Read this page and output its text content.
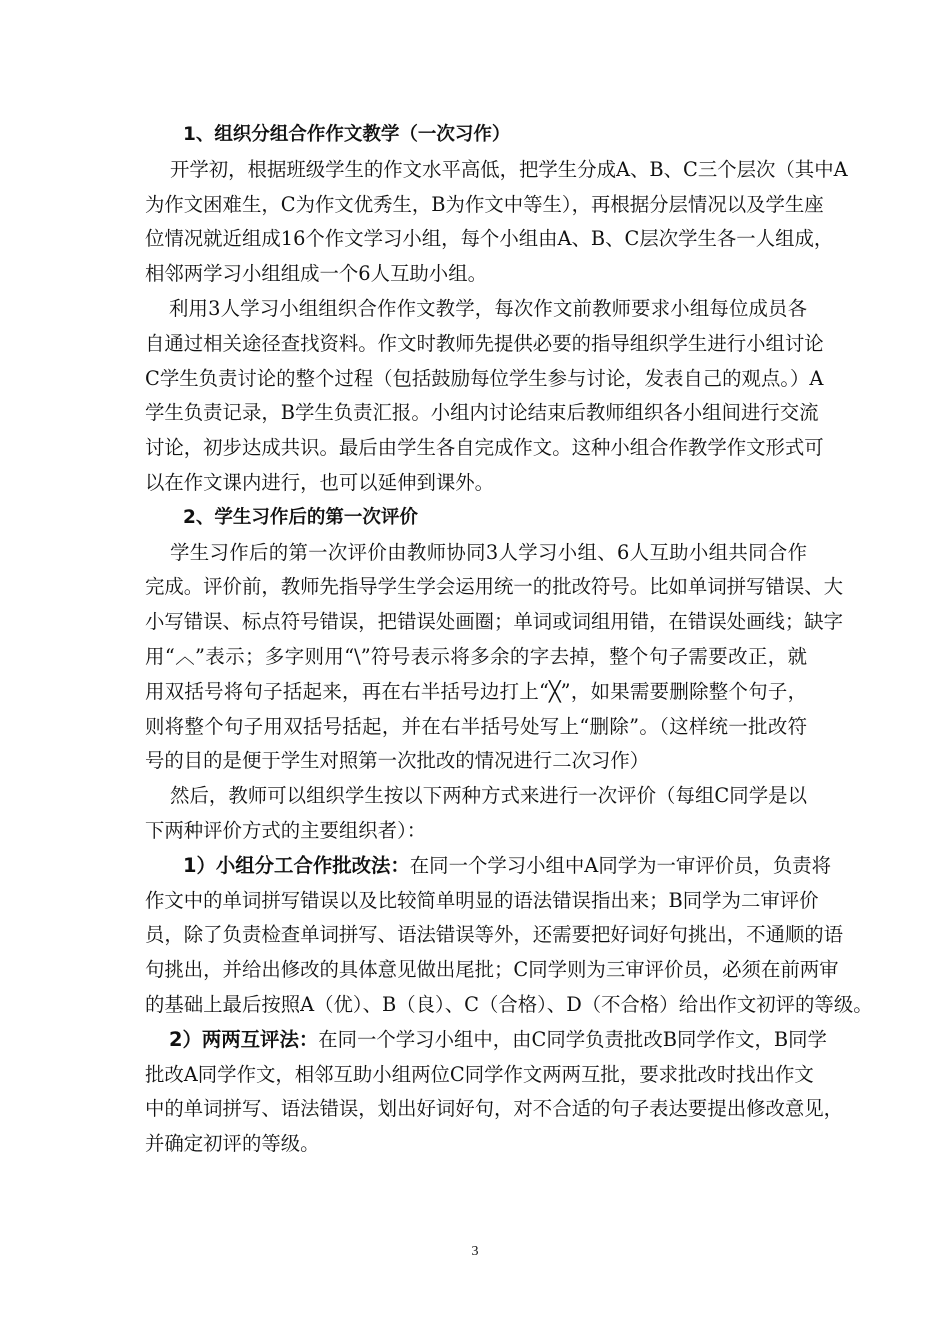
1、组织分组合作作文教学（一次习作）
开学初，根据班级学生的作文水平高低，把学生分成A、B、C三个层次（其中A
为作文困难生，C为作文优秀生，B为作文中等生），再根据分层情况以及学生座
位情况就近组成16个作文学习小组，每个小组由A、B、C层次学生各一人组成，
相邻两学习小组组成一个6人互助小组。
利用3人学习小组组织合作作文教学，每次作文前教师要求小组每位成员各
自通过相关途径查找资料。作文时教师先提供必要的指导组织学生进行小组讨论
C学生负责讨论的整个过程（包括鼓励每位学生参与讨论，发表自己的观点。）A
学生负责记录，B学生负责汇报。小组内讨论结束后教师组织各小组间进行交流
讨论，初步达成共识。最后由学生各自完成作文。这种小组合作教学作文形式可
以在作文课内进行，也可以延伸到课外。
2、学生习作后的第一次评价
学生习作后的第一次评价由教师协同3人学习小组、6人互助小组共同合作
完成。评价前，教师先指导学生学会运用统一的批改符号。比如单词拼写错误、大
小写错误、标点符号错误，把错误处画圈；单词或词组用错，在错误处画线；缺字
用“︿”表示；多字则用“\”符号表示将多余的字去掉，整个句子需要改正，就
用双括号将句子括起来，再在右半括号边打上“╳”，如果需要删除整个句子，
则将整个句子用双括号括起，并在右半括号处写上“删除”。（这样统一批改符
号的目的是便于学生对照第一次批改的情况进行二次习作）
然后，教师可以组织学生按以下两种方式来进行一次评价（每组C同学是以
下两种评价方式的主要组织者）：
1）小组分工合作批改法：在同一个学习小组中A同学为一审评价员，负责将
作文中的单词拼写错误以及比较简单明显的语法错误指出来；B同学为二审评价
员，除了负责检查单词拼写、语法错误等外，还需要把好词好句挑出，不通顺的语
句挑出，并给出修改的具体意见做出尾批；C同学则为三审评价员，必须在前两审
的基础上最后按照A（优）、B（良）、C（合格）、D（不合格）给出作文初评的等级。
2）两两互评法：在同一个学习小组中，由C同学负责批改B同学作文，B同学
批改A同学作文，相邻互助小组两位C同学作文两两互批，要求批改时找出作文
中的单词拼写、语法错误，划出好词好句，对不合适的句子表达要提出修改意见，
并确定初评的等级。
3
